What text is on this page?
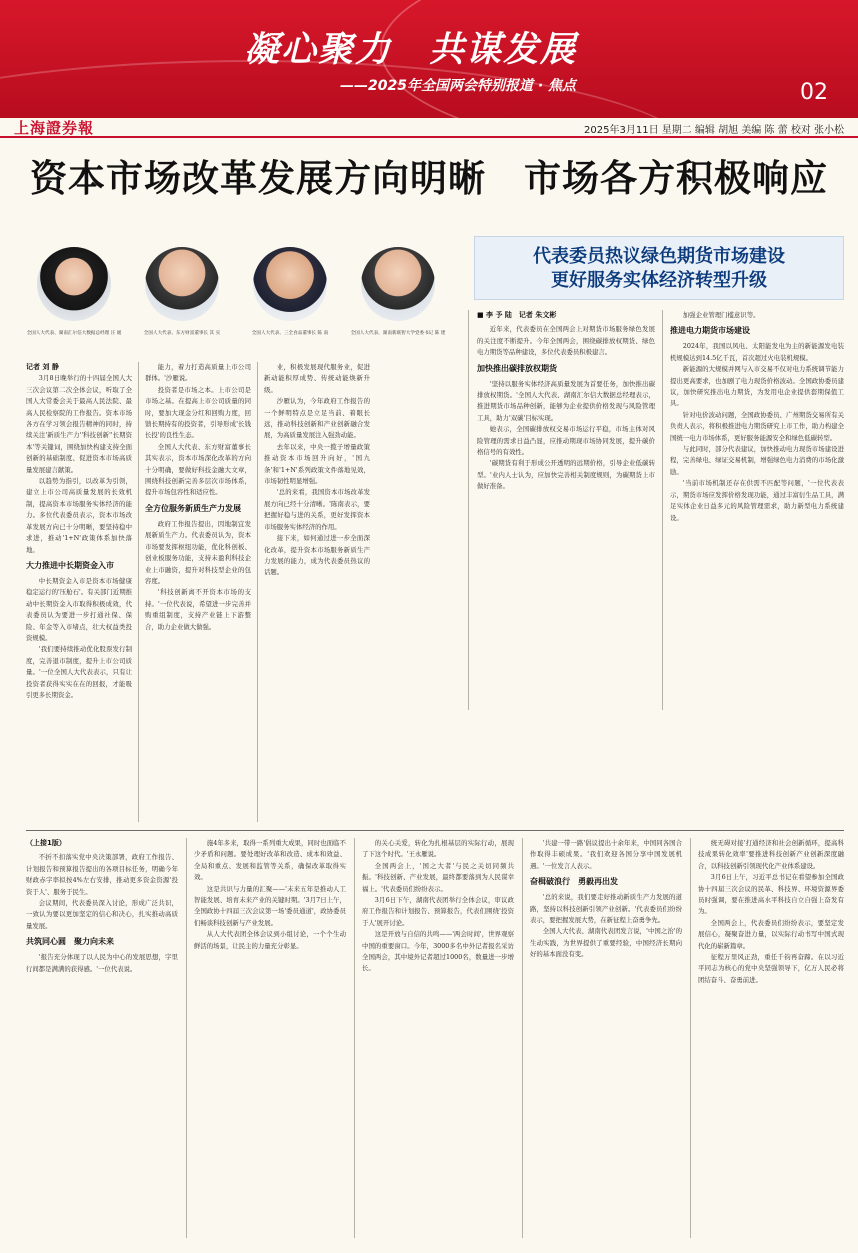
凝心聚力　共谋发展
——2025年全国两会特别报道 · 焦点	02
上海證券報	2025年3月11日 星期二 编辑 胡旭 美编 陈 蕾 校对 张小松
资本市场改革发展方向明晰　市场各方积极响应
全国人大代表、湖南汇尔信大数据总经理 汪 媛	全国人大代表、东方财富董事长 其 实	全国人大代表、三全食品董事长 陈 南	全国人大代表、湖南新联智大学党委书记 陈 建
代表委员热议绿色期货市场建设
更好服务实体经济转型升级

记者 刘 静

3月8日晚举行的十四届全国人大三次会议第二次全体会议，听取了全国人大常委会关于最高人民法院、最高人民检察院的工作报告。资本市场各方在学习领会报告精神的同时，持续关注'新质生产力''科技创新''长期资本'等关键词，围绕加快构建支持全面创新的基础制度、促进资本市场高质量发展建言献策。

以趋势为指引，以改革为引领，建立上市公司高质量发展的长效机制，提高资本市场服务实体经济的能力。多位代表委员表示，资本市场改革发展方向已十分明晰，要坚持稳中求进，推动'1+N'政策体系加快落地。

大力推进中长期资金入市

中长期资金入市是资本市场健康稳定运行的'压舱石'。有关部门近期推动中长期资金入市取得积极成效，代表委员认为要进一步打通社保、保险、年金等入市堵点，壮大权益类投资规模。

'我们要持续推动优化股票发行制度，完善退市制度，提升上市公司质量。'一位全国人大代表表示，只有让投资者获得实实在在的回报，才能吸引更多长期资金。

能力，着力打造高质量上市公司群体。'沙雁说。

投资者是市场之本。上市公司是市场之基。在提高上市公司质量的同时，要加大现金分红和回购力度，回馈长期持有的投资者，引导形成'长钱长投'的良性生态。

全国人大代表、东方财富董事长其实表示，资本市场深化改革的方向十分明确，要做好科技金融大文章，围绕科技创新完善多层次市场体系，提升市场包容性和适应性。

全方位服务新质生产力发展

政府工作报告提出，因地制宜发展新质生产力。代表委员认为，资本市场要发挥枢纽功能，优化科创板、创业板服务功能，支持未盈利科技企业上市融资，提升对科技型企业的包容度。

'科技创新离不开资本市场的支持。'一位代表说，希望进一步完善并购重组制度，支持产业链上下游整合，助力企业做大做强。

业，积极发展现代服务业，促进新动能积厚成势、传统动能焕新升级。

沙雁认为，今年政府工作报告的一个鲜明特点是立足当前、着眼长远，推动科技创新和产业创新融合发展，为高质量发展注入强劲动能。

去年以来，中央一揽子增量政策推动资本市场回升向好，'国九条'和'1+N'系列政策文件落地见效，市场韧性明显增强。

'总的来看，我国资本市场改革发展方向已经十分清晰。'陈南表示，要把握好稳与进的关系，更好发挥资本市场服务实体经济的作用。

接下来，如何通过进一步全面深化改革，提升资本市场服务新质生产力发展的能力，成为代表委员热议的话题。

■ 李 予 陆　记者 朱文彬

近年来，代表委员在全国两会上对期货市场服务绿色发展的关注度不断提升。今年全国两会，围绕碳排放权期货、绿色电力期货等品种建设，多位代表委员积极建言。

加快推出碳排放权期货

'坚持以服务实体经济高质量发展为首要任务，加快推出碳排放权期货。'全国人大代表、湖南汇尔信大数据总经理表示，推进期货市场品种创新，能够为企业提供价格发现与风险管理工具，助力'双碳'目标实现。

她表示，全国碳排放权交易市场运行平稳，市场主体对风险管理的需求日益凸显，应推动期现市场协同发展，提升碳价格信号的有效性。

'碳期货有利于形成公开透明的远期价格，引导企业低碳转型。'业内人士认为，应加快完善相关制度规则，为碳期货上市做好准备。

加强企业管理门槛意识等。

推进电力期货市场建设

2024年，我国以风电、太阳能发电为主的新能源发电装机规模达到14.5亿千瓦，首次超过火电装机规模。

新能源的大规模并网与入市交易不仅对电力系统调节能力提出更高要求，也加剧了电力现货价格波动。全国政协委员建议，加快研究推出电力期货，为发用电企业提供套期保值工具。

针对电价波动问题，全国政协委员、广州期货交易所有关负责人表示，将积极推进电力期货研究上市工作，助力构建全国统一电力市场体系，更好服务能源安全和绿色低碳转型。

与此同时，部分代表建议，加快推动电力现货市场建设进程，完善绿电、绿证交易机制，增强绿色电力消费的市场化激励。

'当前市场机制还存在供需不匹配等问题，'一位代表表示，期货市场应发挥价格发现功能，通过丰富衍生品工具，满足实体企业日益多元的风险管理需求，助力新型电力系统建设。

（上接1版）

不折不扣落实党中央决策部署，政府工作报告、计划报告和预算报告提出的各项目标任务，明确今年财政赤字率拟按4%左右安排，推动更多资金资源'投资于人'、服务于民生。

会议期间，代表委员深入讨论，形成广泛共识，一致认为要以更加坚定的信心和决心，扎实推动高质量发展。

共筑同心圆　聚力向未来

'报告充分体现了以人民为中心的发展思想，字里行间都是满满的获得感。'一位代表说。

施4年多来，取得一系列重大成果，同时也面临不少矛盾和问题。要处理好改革和改造、成本和效益、全局和重点、发展和监管等关系，确保改革取得实效。

这是共识与力量的汇聚——'未来五年是推动人工智能发展、培育未来产业的关键时期。'3月7日上午，全国政协十四届三次会议第一场'委员通道'，政协委员们畅谈科技创新与产业发展。

从人大代表团全体会议到小组讨论，一个个生动鲜活的场景，让民主的力量充分彰显。

的关心关爱，转化为扎根基层的实际行动，展现了下这个时代。'王永雁说。

全国两会上，'国之大者'与民之关切同频共振。'科技创新、产业发展，最终都要落到为人民谋幸福上。'代表委员们纷纷表示。

3月6日下午，湖南代表团举行全体会议，审议政府工作报告和计划报告、预算报告，代表们围绕'投资于人'展开讨论。

这是开放与自信的共鸣——'两会时间'，世界观察中国的重要窗口。今年，3000多名中外记者报名采访全国两会，其中境外记者超过1000名，数量进一步增长。

'共建一带一路'倡议提出十余年来，中国同各国合作取得丰硕成果。'我们欢迎各国分享中国发展机遇。'一位发言人表示。

奋楫破浪行　勇毅再出发

'总的来说，我们要走好推动新质生产力发展的道路，坚持以科技创新引领产业创新。'代表委员们纷纷表示，要把握发展大势，在新征程上奋勇争先。

全国人大代表、湖南代表团发言说，'中国之治'的生动实践，为世界提供了重要经验，中国经济长期向好的基本面没有变。

统无碍对接'打通经济和社会创新循环，提高科技成果转化效率'要推进科技创新产业创新深度融合，以科技创新引领现代化产业体系建设。

3月6日上午，习近平总书记在看望参加全国政协十四届三次会议的民革、科技界、环境资源界委员时强调，要在推进高水平科技自立自强上奋发有为。

全国两会上，代表委员们纷纷表示，要坚定发展信心，凝聚奋进力量，以实际行动书写中国式现代化的崭新篇章。

征程万里风正劲，重任千钧再奋蹄。在以习近平同志为核心的党中央坚强领导下，亿万人民必将团结奋斗、奋勇前进。
